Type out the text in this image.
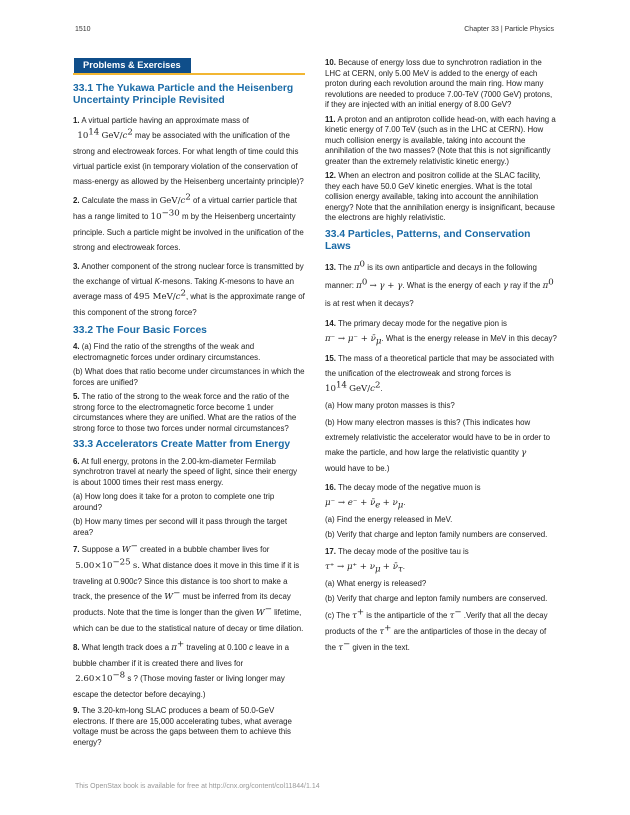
1510	Chapter 33 | Particle Physics
Problems & Exercises
33.1 The Yukawa Particle and the Heisenberg Uncertainty Principle Revisited

1. A virtual particle having an approximate mass of
$10^{14}$ GeV/$c^2$ may be associated with the unification of the strong and electroweak forces. For what length of time could this virtual particle exist (in temporary violation of the conservation of mass-energy as allowed by the Heisenberg uncertainty principle)?

2. Calculate the mass in GeV/$c^2$ of a virtual carrier particle that has a range limited to $10^{-30}$ m by the Heisenberg uncertainty principle. Such a particle might be involved in the unification of the strong and electroweak forces.

3. Another component of the strong nuclear force is transmitted by the exchange of virtual K-mesons. Taking K-mesons to have an average mass of 495 MeV/$c^2$, what is the approximate range of this component of the strong force?

33.2 The Four Basic Forces

4. (a) Find the ratio of the strengths of the weak and electromagnetic forces under ordinary circumstances.

(b) What does that ratio become under circumstances in which the forces are unified?

5. The ratio of the strong to the weak force and the ratio of the strong force to the electromagnetic force become 1 under circumstances where they are unified. What are the ratios of the strong force to those two forces under normal circumstances?

33.3 Accelerators Create Matter from Energy

6. At full energy, protons in the 2.00-km-diameter Fermilab synchrotron travel at nearly the speed of light, since their energy is about 1000 times their rest mass energy.

(a) How long does it take for a proton to complete one trip around?

(b) How many times per second will it pass through the target area?

7. Suppose a W− created in a bubble chamber lives for
$5.00\times 10^{-25}$ s. What distance does it move in this time if it is traveling at 0.900c? Since this distance is too short to make a track, the presence of the W− must be inferred from its decay products. Note that the time is longer than the given W− lifetime, which can be due to the statistical nature of decay or time dilation.

8. What length track does a π+ traveling at 0.100 c leave in a bubble chamber if it is created there and lives for
$2.60\times 10^{-8}$ s ? (Those moving faster or living longer may escape the detector before decaying.)

9. The 3.20-km-long SLAC produces a beam of 50.0-GeV electrons. If there are 15,000 accelerating tubes, what average voltage must be across the gaps between them to achieve this energy?

10. Because of energy loss due to synchrotron radiation in the LHC at CERN, only 5.00 MeV is added to the energy of each proton during each revolution around the main ring. How many revolutions are needed to produce 7.00-TeV (7000 GeV) protons, if they are injected with an initial energy of 8.00 GeV?

11. A proton and an antiproton collide head-on, with each having a kinetic energy of 7.00 TeV (such as in the LHC at CERN). How much collision energy is available, taking into account the annihilation of the two masses? (Note that this is not significantly greater than the extremely relativistic kinetic energy.)

12. When an electron and positron collide at the SLAC facility, they each have 50.0 GeV kinetic energies. What is the total collision energy available, taking into account the annihilation energy? Note that the annihilation energy is insignificant, because the electrons are highly relativistic.

33.4 Particles, Patterns, and Conservation Laws

13. The $\pi^0$ is its own antiparticle and decays in the following manner: $\pi^0 \to \gamma + \gamma$. What is the energy of each γ ray if the $\pi^0$ is at rest when it decays?

14. The primary decay mode for the negative pion is
$\pi^- \to \mu^- + \nū_\mu$. What is the energy release in MeV in this decay?

15. The mass of a theoretical particle that may be associated with the unification of the electroweak and strong forces is
$10^{14}$ GeV/$c^2$.

(a) How many proton masses is this?

(b) How many electron masses is this? (This indicates how extremely relativistic the accelerator would have to be in order to make the particle, and how large the relativistic quantity γ
would have to be.)

16. The decay mode of the negative muon is
$\mu^- \to e^- + \nū_e + \nu_\mu$.

(a) Find the energy released in MeV.

(b) Verify that charge and lepton family numbers are conserved.

17. The decay mode of the positive tau is
$\tau^+ \to \mu^+ + \nu_\mu$ + $\nū_\tau$.

(a) What energy is released?

(b) Verify that charge and lepton family numbers are conserved.

(c) The τ+ is the antiparticle of the τ− .Verify that all the decay products of the τ+ are the antiparticles of those in the decay of the τ− given in the text.

This OpenStax book is available for free at http://cnx.org/content/col11844/1.14
